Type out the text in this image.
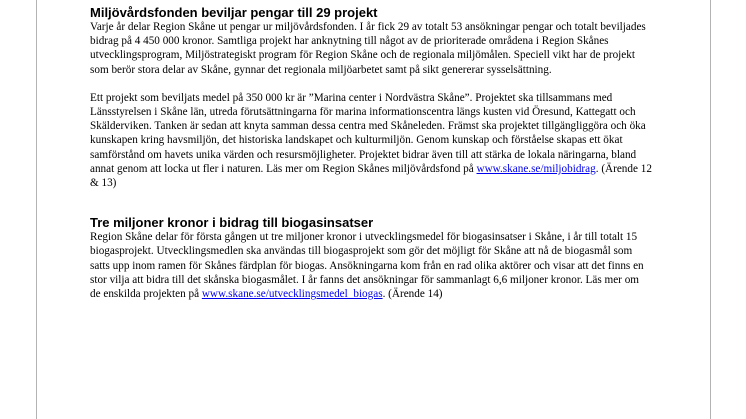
Miljövårdsfonden beviljar pengar till 29 projekt

Varje år delar Region Skåne ut pengar ur miljövårdsfonden. I år fick 29 av totalt 53 ansökningar pengar och totalt beviljades bidrag på 4 450 000 kronor. Samtliga projekt har anknytning till något av de prioriterade områdena i Region Skånes utvecklingsprogram, Miljöstrategiskt program för Region Skåne och de regionala miljömålen. Speciell vikt har de projekt som berör stora delar av Skåne, gynnar det regionala miljöarbetet samt på sikt genererar sysselsättning.

Ett projekt som beviljats medel på 350 000 kr är ”Marina center i Nordvästra Skåne”. Projektet ska tillsammans med Länsstyrelsen i Skåne län, utreda förutsättningarna för marina informationscentra längs kusten vid Öresund, Kattegatt och Skälderviken. Tanken är sedan att knyta samman dessa centra med Skåneleden. Främst ska projektet tillgängliggöra och öka kunskapen kring havsmiljön, det historiska landskapet och kulturmiljön. Genom kunskap och förståelse skapas ett ökat samförstånd om havets unika värden och resursmöjligheter. Projektet bidrar även till att stärka de lokala näringarna, bland annat genom att locka ut fler i naturen. Läs mer om Region Skånes miljövårdsfond på www.skane.se/miljobidrag. (Ärende 12 & 13)

Tre miljoner kronor i bidrag till biogasinsatser

Region Skåne delar för första gången ut tre miljoner kronor i utvecklingsmedel för biogasinsatser i Skåne, i år till totalt 15 biogasprojekt. Utvecklingsmedlen ska användas till biogasprojekt som gör det möjligt för Skåne att nå de biogasmål som satts upp inom ramen för Skånes färdplan för biogas. Ansökningarna kom från en rad olika aktörer och visar att det finns en stor vilja att bidra till det skånska biogasmålet. I år fanns det ansökningar för sammanlagt 6,6 miljoner kronor. Läs mer om de enskilda projekten på www.skane.se/utvecklingsmedel_biogas. (Ärende 14)
